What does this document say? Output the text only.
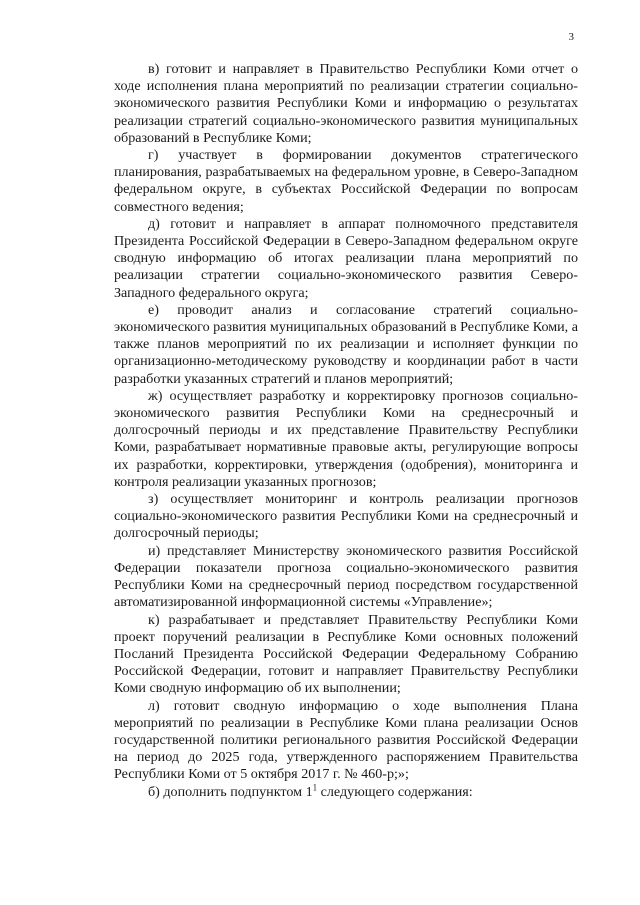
3

в) готовит и направляет в Правительство Республики Коми отчет о ходе исполнения плана мероприятий по реализации стратегии социально-экономического развития Республики Коми и информацию о результатах реализации стратегий социально-экономического развития муниципальных образований в Республике Коми;

г) участвует в формировании документов стратегического планирования, разрабатываемых на федеральном уровне, в Северо-Западном федеральном округе, в субъектах Российской Федерации по вопросам совместного ведения;

д) готовит и направляет в аппарат полномочного представителя Президента Российской Федерации в Северо-Западном федеральном округе сводную информацию об итогах реализации плана мероприятий по реализации стратегии социально-экономического развития Северо-Западного федерального округа;

е) проводит анализ и согласование стратегий социально-экономического развития муниципальных образований в Республике Коми, а также планов мероприятий по их реализации и исполняет функции по организационно-методическому руководству и координации работ в части разработки указанных стратегий и планов мероприятий;

ж) осуществляет разработку и корректировку прогнозов социально-экономического развития Республики Коми на среднесрочный и долгосрочный периоды и их представление Правительству Республики Коми, разрабатывает нормативные правовые акты, регулирующие вопросы их разработки, корректировки, утверждения (одобрения), мониторинга и контроля реализации указанных прогнозов;

з) осуществляет мониторинг и контроль реализации прогнозов социально-экономического развития Республики Коми на среднесрочный и долгосрочный периоды;

и) представляет Министерству экономического развития Российской Федерации показатели прогноза социально-экономического развития Республики Коми на среднесрочный период посредством государственной автоматизированной информационной системы «Управление»;

к) разрабатывает и представляет Правительству Республики Коми проект поручений реализации в Республике Коми основных положений Посланий Президента Российской Федерации Федеральному Собранию Российской Федерации, готовит и направляет Правительству Республики Коми сводную информацию об их выполнении;

л) готовит сводную информацию о ходе выполнения Плана мероприятий по реализации в Республике Коми плана реализации Основ государственной политики регионального развития Российской Федерации на период до 2025 года, утвержденного распоряжением Правительства Республики Коми от 5 октября 2017 г. № 460-р;»;

б) дополнить подпунктом $1^1$ следующего содержания:
